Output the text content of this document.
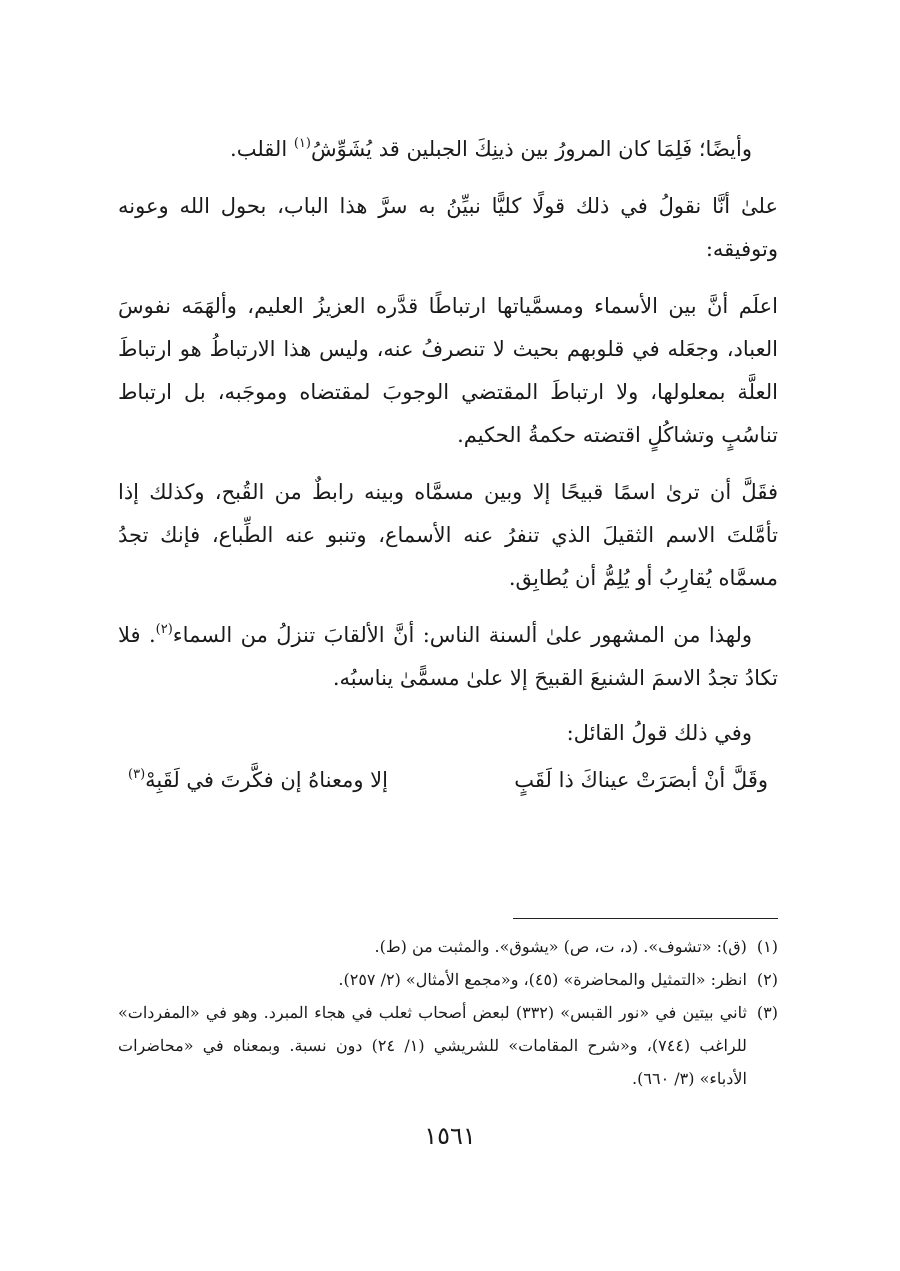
وأيضًا؛ فَلِمَا كان المرورُ بين ذينِكَ الجبلين قد يُشَوِّشُ$^{(١)}$ القلب.

علىٰ أنَّا نقولُ في ذلك قولًا كليًّا نبيِّنُ به سرَّ هذا الباب، بحول الله وعونه وتوفيقه:

اعلَم أنَّ بين الأسماء ومسمَّياتها ارتباطًا قدَّره العزيزُ العليم، وألهَمَه نفوسَ العباد، وجعَله في قلوبهم بحيث لا تنصرفُ عنه، وليس هذا الارتباطُ هو ارتباطَ العلَّة بمعلولها، ولا ارتباطَ المقتضي الوجوبَ لمقتضاه وموجَبه، بل ارتباط تناسُبٍ وتشاكُلٍ اقتضته حكمةُ الحكيم.

فقَلَّ أن ترىٰ اسمًا قبيحًا إلا وبين مسمَّاه وبينه رابطٌ من القُبح، وكذلك إذا تأمَّلتَ الاسم الثقيلَ الذي تنفرُ عنه الأسماع، وتنبو عنه الطِّباع، فإنك تجدُ مسمَّاه يُقارِبُ أو يُلِمُّ أن يُطابِق.

ولهذا من المشهور علىٰ ألسنة الناس: أنَّ الألقابَ تنزلُ من السماء$^{(٢)}$. فلا تكادُ تجدُ الاسمَ الشنيعَ القبيحَ إلا علىٰ مسمًّىٰ يناسبُه.

وفي ذلك قولُ القائل:

وقَلَّ أنْ أبصَرَتْ عيناكَ ذا لَقَبٍ
إلا ومعناهُ إن فكَّرتَ في لَقَبِهْ$^{(٣)}$
(١)
(ق): «تشوف». (د، ت، ص) «يشوق». والمثبت من (ط).
(٢)
انظر: «التمثيل والمحاضرة» (٤٥)، و«مجمع الأمثال» (٢/ ٢٥٧).
(٣)
ثاني بيتين في «نور القبس» (٣٣٢) لبعض أصحاب ثعلب في هجاء المبرد. وهو في «المفردات» للراغب (٧٤٤)، و«شرح المقامات» للشريشي (١/ ٢٤) دون نسبة. وبمعناه في «محاضرات الأدباء» (٣/ ٦٦٠).
١٥٦١
